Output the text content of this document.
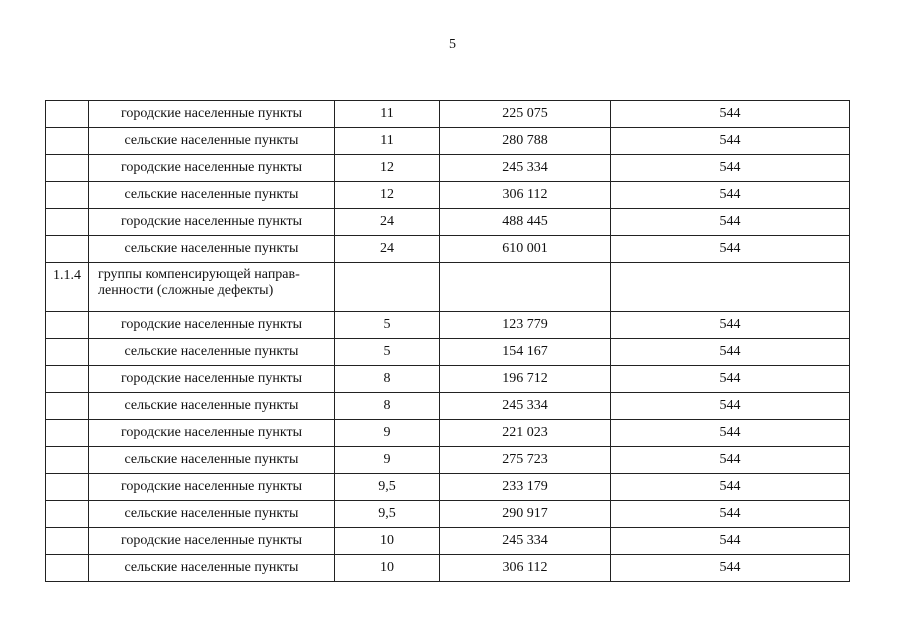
5
	городские населенные пункты	11	225 075	544
	сельские населенные пункты	11	280 788	544
	городские населенные пункты	12	245 334	544
	сельские населенные пункты	12	306 112	544
	городские населенные пункты	24	488 445	544
	сельские населенные пункты	24	610 001	544
1.1.4	группы компенсирующей направ-ленности (сложные дефекты)			
	городские населенные пункты	5	123 779	544
	сельские населенные пункты	5	154 167	544
	городские населенные пункты	8	196 712	544
	сельские населенные пункты	8	245 334	544
	городские населенные пункты	9	221 023	544
	сельские населенные пункты	9	275 723	544
	городские населенные пункты	9,5	233 179	544
	сельские населенные пункты	9,5	290 917	544
	городские населенные пункты	10	245 334	544
	сельские населенные пункты	10	306 112	544
